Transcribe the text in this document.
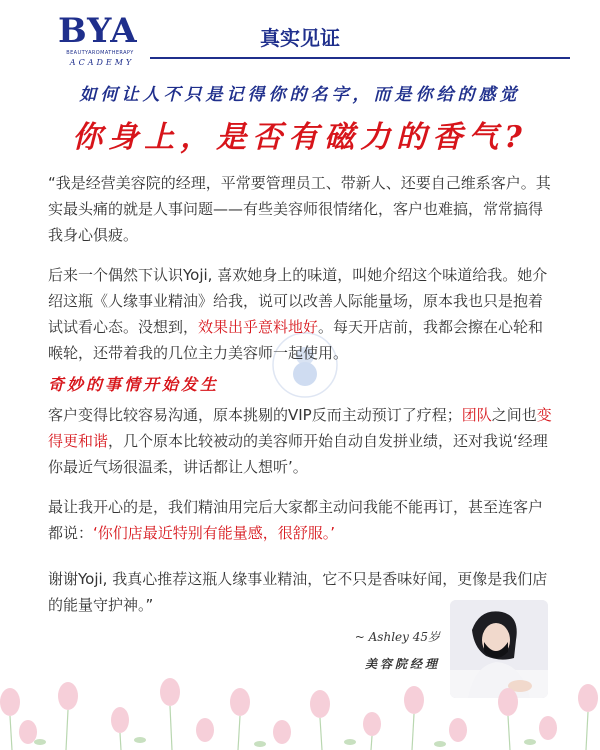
BYA
BEAUTYAROMATHERAPY
ACADEMY
真实见证
如何让人不只是记得你的名字，而是你给的感觉
你身上，是否有磁力的香气?
“我是经营美容院的经理，平常要管理员工、带新人、还要自己维系客户。其实最头痛的就是人事问题——有些美容师很情绪化，客户也难搞，常常搞得我身心俱疲。
后来一个偶然下认识Yoji, 喜欢她身上的味道，叫她介绍这个味道给我。她介绍这瓶《人缘事业精油》给我，说可以改善人际能量场，原本我也只是抱着试试看心态。没想到，效果出乎意料地好。每天开店前，我都会擦在心轮和喉轮，还带着我的几位主力美容师一起使用。
奇妙的事情开始发生
客户变得比较容易沟通，原本挑剔的VIP反而主动预订了疗程；团队之间也变得更和谐，几个原本比较被动的美容师开始自动自发拼业绩，还对我说‘经理你最近气场很温柔，讲话都让人想听’。
最让我开心的是，我们精油用完后大家都主动问我能不能再订，甚至连客户都说：‘你们店最近特别有能量感，很舒服。’
谢谢Yoji, 我真心推荐这瓶人缘事业精油，它不只是香味好闻，更像是我们店的能量守护神。”
~ Ashley 45岁
美容院经理
